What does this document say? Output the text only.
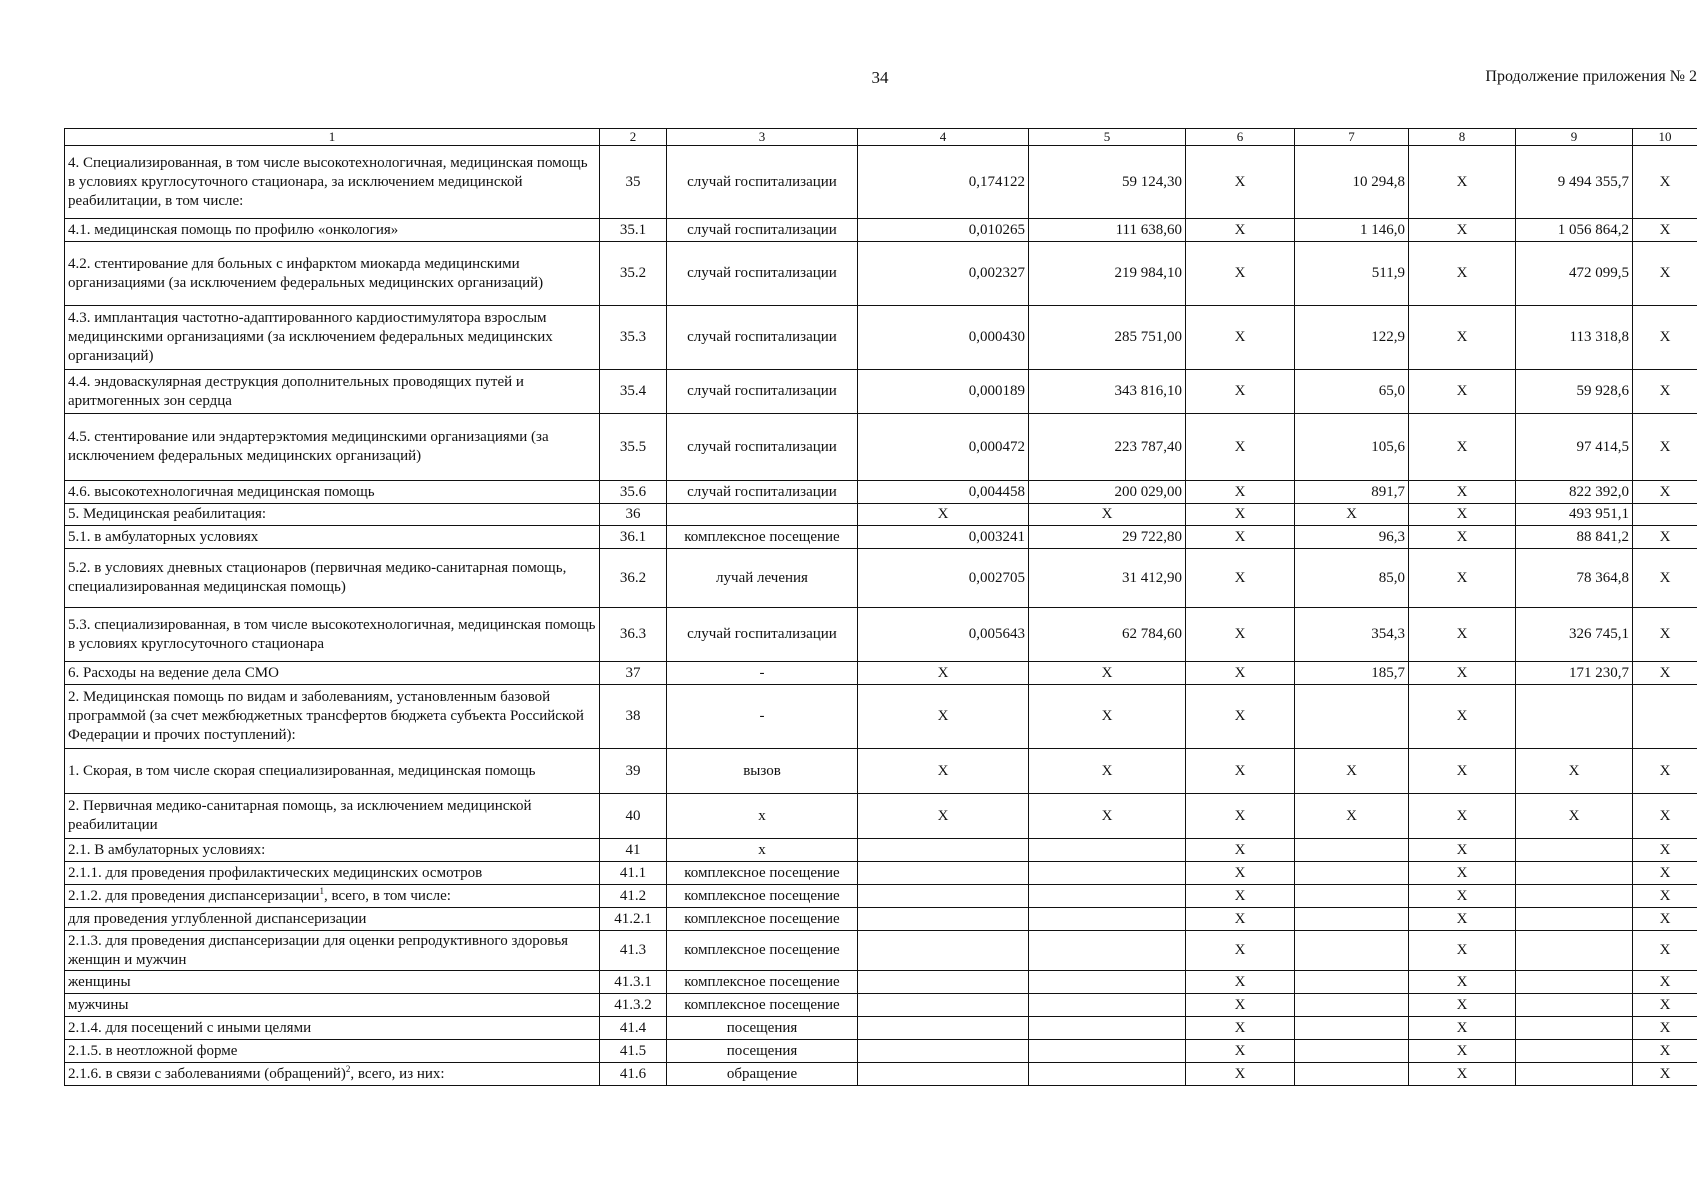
34	Продолжение приложения № 2
1	2	3	4	5	6	7	8	9	10
4. Специализированная, в том числе высокотехнологичная, медицинская помощь в условиях круглосуточного стационара, за исключением медицинской реабилитации, в том числе:	35	случай госпитализации	0,174122	59 124,30	X	10 294,8	X	9 494 355,7	X
4.1. медицинская помощь по профилю «онкология»	35.1	случай госпитализации	0,010265	111 638,60	X	1 146,0	X	1 056 864,2	X
4.2. стентирование для больных с инфарктом миокарда медицинскими организациями (за исключением федеральных медицинских организаций)	35.2	случай госпитализации	0,002327	219 984,10	X	511,9	X	472 099,5	X
4.3. имплантация частотно-адаптированного кардиостимулятора взрослым медицинскими организациями (за исключением федеральных медицинских организаций)	35.3	случай госпитализации	0,000430	285 751,00	X	122,9	X	113 318,8	X
4.4. эндоваскулярная деструкция дополнительных проводящих путей и аритмогенных зон сердца	35.4	случай госпитализации	0,000189	343 816,10	X	65,0	X	59 928,6	X
4.5. стентирование или эндартерэктомия медицинскими организациями (за исключением федеральных медицинских организаций)	35.5	случай госпитализации	0,000472	223 787,40	X	105,6	X	97 414,5	X
4.6. высокотехнологичная медицинская помощь	35.6	случай госпитализации	0,004458	200 029,00	X	891,7	X	822 392,0	X
5. Медицинская реабилитация:	36		X	X	X	X	X	493 951,1	
5.1. в амбулаторных условиях	36.1	комплексное посещение	0,003241	29 722,80	X	96,3	X	88 841,2	X
5.2. в условиях дневных стационаров (первичная медико-санитарная помощь, специализированная медицинская помощь)	36.2	лучай лечения	0,002705	31 412,90	X	85,0	X	78 364,8	X
5.3. специализированная, в том числе высокотехнологичная, медицинская помощь в условиях круглосуточного стационара	36.3	случай госпитализации	0,005643	62 784,60	X	354,3	X	326 745,1	X
6. Расходы на ведение дела СМО	37	-	X	X	X	185,7	X	171 230,7	X
2. Медицинская помощь по видам и заболеваниям, установленным базовой программой (за счет межбюджетных трансфертов бюджета субъекта Российской Федерации и прочих поступлений):	38	-	X	X	X		X		
1. Скорая, в том числе скорая специализированная, медицинская помощь	39	вызов	X	X	X	X	X	X	X
2. Первичная медико-санитарная помощь, за исключением медицинской реабилитации	40	х	X	X	X	X	X	X	X
2.1. В амбулаторных условиях:	41	х			X		X		X
2.1.1. для проведения профилактических медицинских осмотров	41.1	комплексное посещение			X		X		X
2.1.2. для проведения диспансеризации$^1$, всего, в том числе:	41.2	комплексное посещение			X		X		X
для проведения углубленной диспансеризации	41.2.1	комплексное посещение			X		X		X
2.1.3. для проведения диспансеризации для оценки репродуктивного здоровья женщин и мужчин	41.3	комплексное посещение			X		X		X
женщины	41.3.1	комплексное посещение			X		X		X
мужчины	41.3.2	комплексное посещение			X		X		X
2.1.4. для посещений с иными целями	41.4	посещения			X		X		X
2.1.5. в неотложной форме	41.5	посещения			X		X		X
2.1.6. в связи с заболеваниями (обращений)$^2$, всего, из них:	41.6	обращение			X		X		X
